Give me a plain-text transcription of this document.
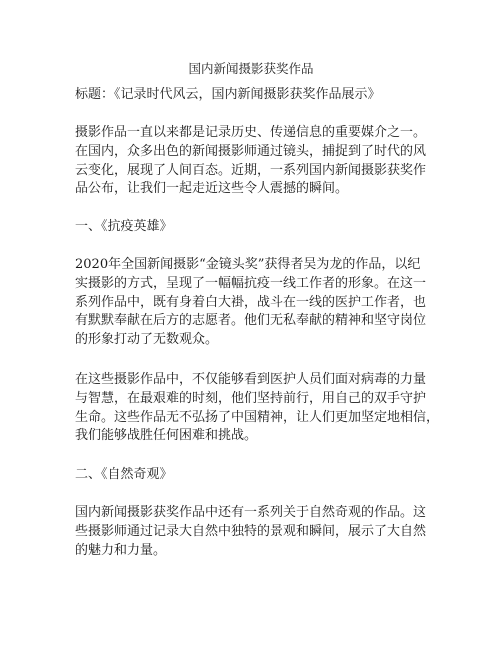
国内新闻摄影获奖作品
标题：《记录时代风云，国内新闻摄影获奖作品展示》

摄影作品一直以来都是记录历史、传递信息的重要媒介之一。
在国内，众多出色的新闻摄影师通过镜头，捕捉到了时代的风
云变化，展现了人间百态。近期，一系列国内新闻摄影获奖作
品公布，让我们一起走近这些令人震撼的瞬间。

一、《抗疫英雄》

2020年全国新闻摄影“金镜头奖”获得者吴为龙的作品，以纪
实摄影的方式，呈现了一幅幅抗疫一线工作者的形象。在这一
系列作品中，既有身着白大褂，战斗在一线的医护工作者，也
有默默奉献在后方的志愿者。他们无私奉献的精神和坚守岗位
的形象打动了无数观众。

在这些摄影作品中，不仅能够看到医护人员们面对病毒的力量
与智慧，在最艰难的时刻，他们坚持前行，用自己的双手守护
生命。这些作品无不弘扬了中国精神，让人们更加坚定地相信，
我们能够战胜任何困难和挑战。

二、《自然奇观》

国内新闻摄影获奖作品中还有一系列关于自然奇观的作品。这
些摄影师通过记录大自然中独特的景观和瞬间，展示了大自然
的魅力和力量。
